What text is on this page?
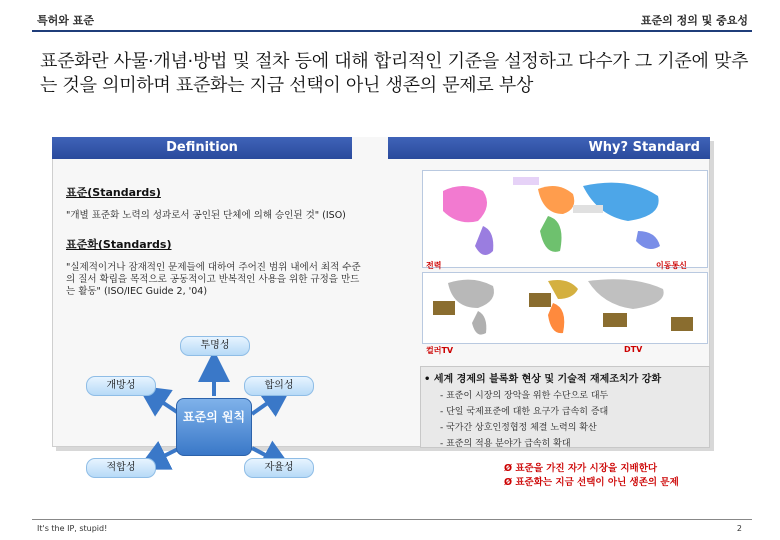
특허와 표준	표준의 정의 및 중요성
표준화란 사물·개념·방법 및 절차 등에 대해 합리적인 기준을 설정하고 다수가 그 기준에 맞추는 것을 의미하며 표준화는 지금 선택이 아닌 생존의 문제로 부상
Definition	Why? Standard
표준(Standards)
"개별 표준화 노력의 성과로서 공인된 단체에 의해 승인된 것" (ISO)
표준화(Standards)
"실제적이거나 잠재적인 문제들에 대하여 주어진 범위 내에서 최적 수준의 질서 확립을 목적으로 공동적이고 반복적인 사용을 위한 규정을 만드는 활동" (ISO/IEC Guide 2, '04)
투명성
개방성	합의성
적합성	자율성
표준의 원칙
전력	이동통신
컬러TV	DTV
• 세계 경제의 블록화 현상 및 기술적 재제조치가 강화
- 표준이 시장의 장악을 위한 수단으로 대두
- 단일 국제표준에 대한 요구가 급속히 증대
- 국가간 상호인정협정 체결 노력의 확산
- 표준의 적용 분야가 급속히 확대
Ø 표준을 가진 자가 시장을 지배한다
Ø 표준화는 지금 선택이 아닌 생존의 문제
It's the IP, stupid!	2
